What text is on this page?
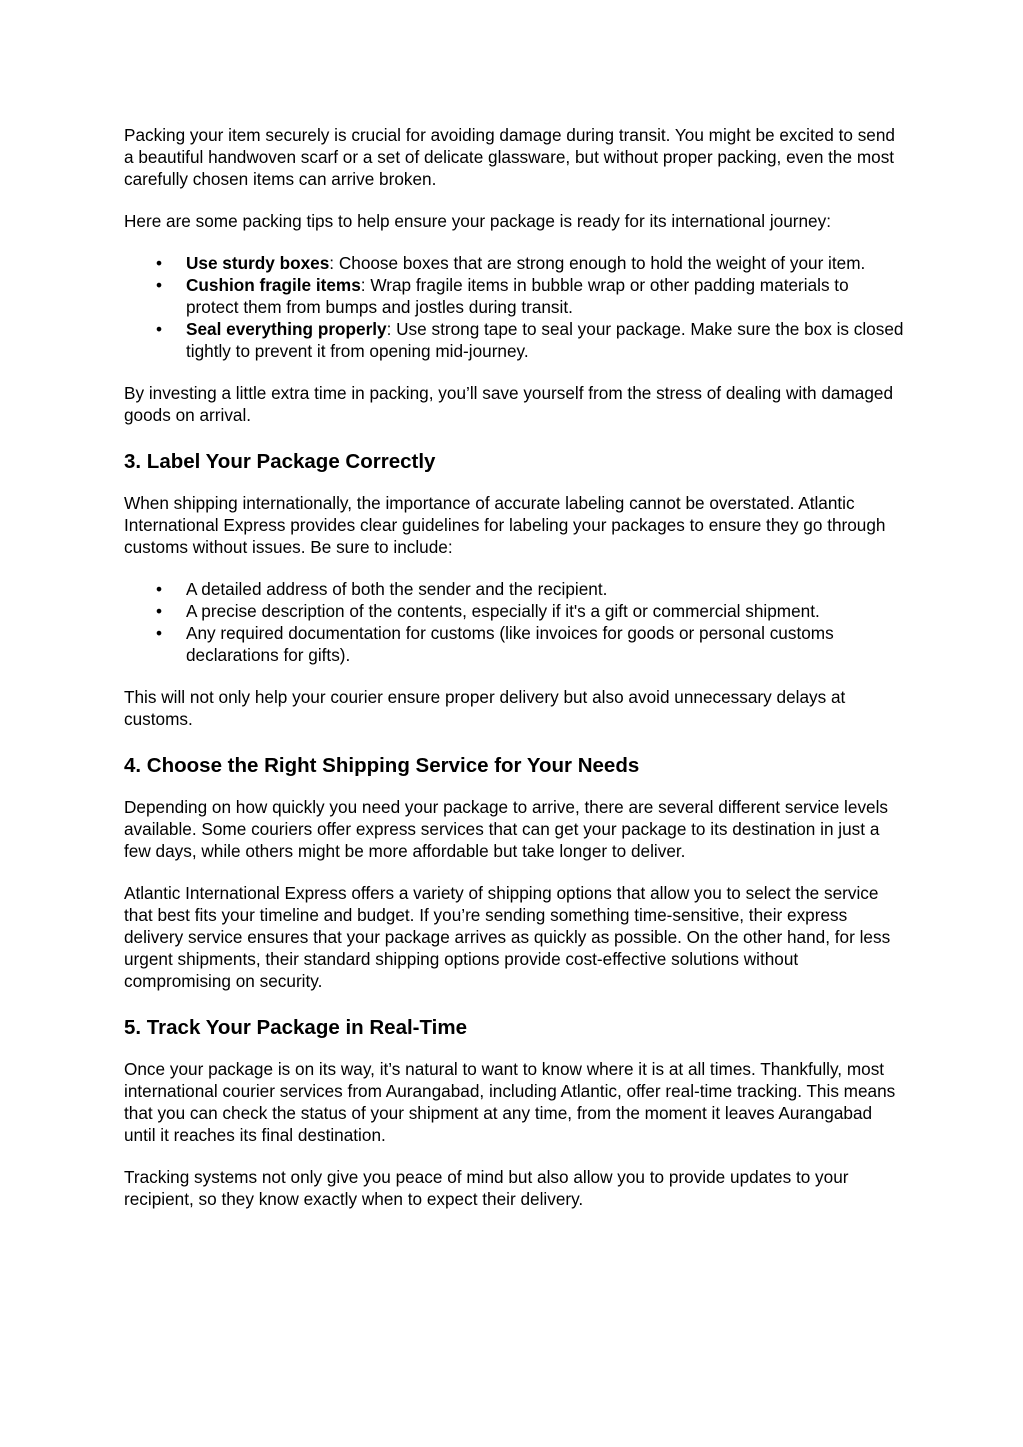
Packing your item securely is crucial for avoiding damage during transit. You might be excited to send a beautiful handwoven scarf or a set of delicate glassware, but without proper packing, even the most carefully chosen items can arrive broken.

Here are some packing tips to help ensure your package is ready for its international journey:

• Use sturdy boxes: Choose boxes that are strong enough to hold the weight of your item.
• Cushion fragile items: Wrap fragile items in bubble wrap or other padding materials to protect them from bumps and jostles during transit.
• Seal everything properly: Use strong tape to seal your package. Make sure the box is closed tightly to prevent it from opening mid-journey.

By investing a little extra time in packing, you’ll save yourself from the stress of dealing with damaged goods on arrival.

3. Label Your Package Correctly

When shipping internationally, the importance of accurate labeling cannot be overstated. Atlantic International Express provides clear guidelines for labeling your packages to ensure they go through customs without issues. Be sure to include:

• A detailed address of both the sender and the recipient.
• A precise description of the contents, especially if it's a gift or commercial shipment.
• Any required documentation for customs (like invoices for goods or personal customs declarations for gifts).

This will not only help your courier ensure proper delivery but also avoid unnecessary delays at customs.

4. Choose the Right Shipping Service for Your Needs

Depending on how quickly you need your package to arrive, there are several different service levels available. Some couriers offer express services that can get your package to its destination in just a few days, while others might be more affordable but take longer to deliver.

Atlantic International Express offers a variety of shipping options that allow you to select the service that best fits your timeline and budget. If you’re sending something time-sensitive, their express delivery service ensures that your package arrives as quickly as possible. On the other hand, for less urgent shipments, their standard shipping options provide cost-effective solutions without compromising on security.

5. Track Your Package in Real-Time

Once your package is on its way, it’s natural to want to know where it is at all times. Thankfully, most international courier services from Aurangabad, including Atlantic, offer real-time tracking. This means that you can check the status of your shipment at any time, from the moment it leaves Aurangabad until it reaches its final destination.

Tracking systems not only give you peace of mind but also allow you to provide updates to your recipient, so they know exactly when to expect their delivery.
